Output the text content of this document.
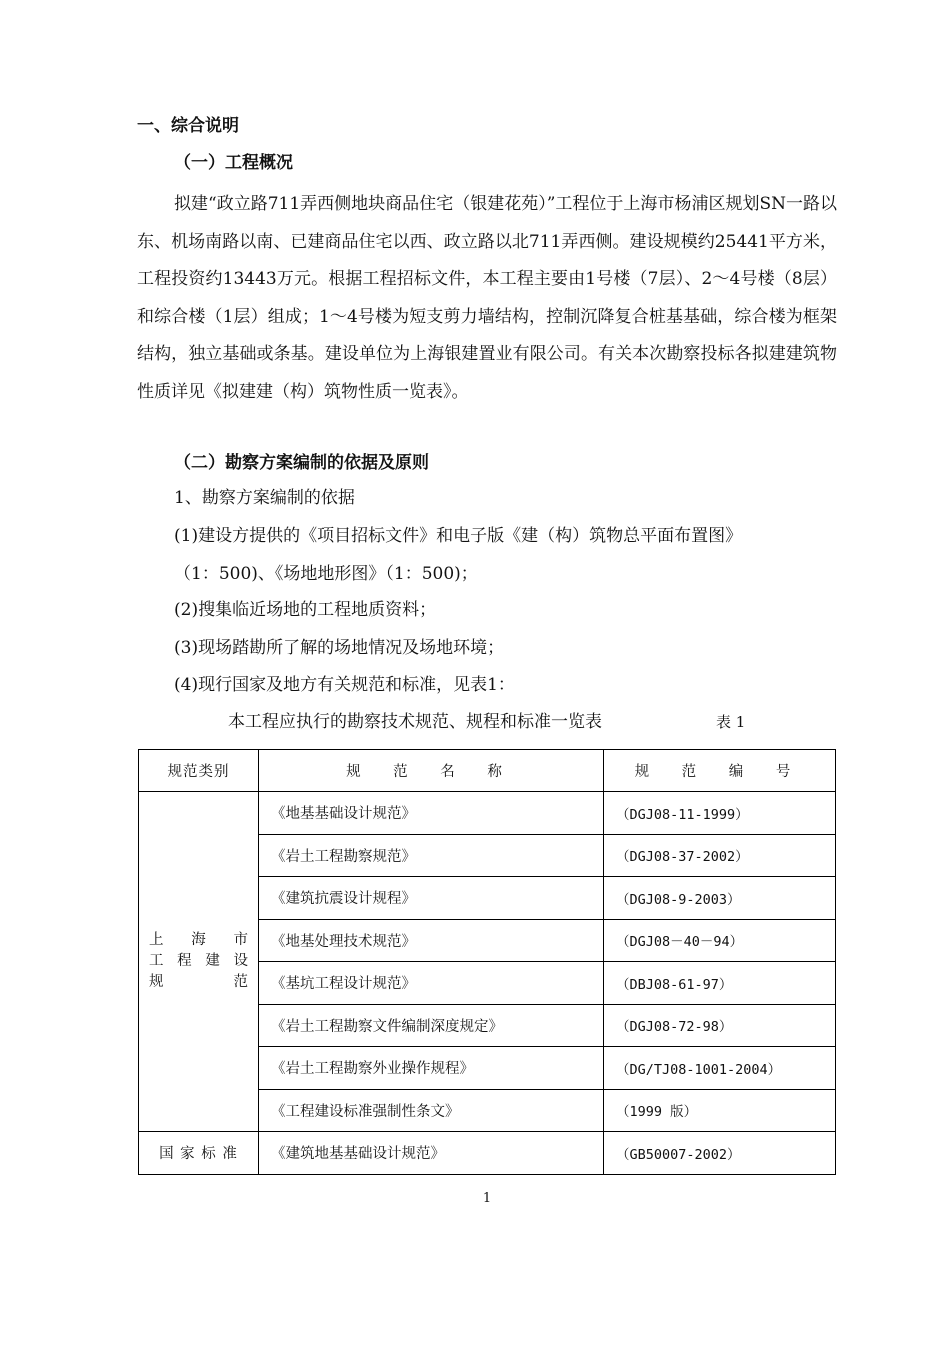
一、综合说明
（一）工程概况

拟建“政立路711弄西侧地块商品住宅（银建花苑）”工程位于上海市杨浦区规划SN一路以东、机场南路以南、已建商品住宅以西、政立路以北711弄西侧。建设规模约25441平方米，工程投资约13443万元。根据工程招标文件，本工程主要由1号楼（7层）、2～4号楼（8层）和综合楼（1层）组成；1～4号楼为短支剪力墙结构，控制沉降复合桩基基础，综合楼为框架结构，独立基础或条基。建设单位为上海银建置业有限公司。有关本次勘察投标各拟建建筑物性质详见《拟建建（构）筑物性质一览表》。

（二）勘察方案编制的依据及原则
1、勘察方案编制的依据
(1)建设方提供的《项目招标文件》和电子版《建（构）筑物总平面布置图》
（1：500)、《场地地形图》（1：500)；
(2)搜集临近场地的工程地质资料；
(3)现场踏勘所了解的场地情况及场地环境；
(4)现行国家及地方有关规范和标准，见表1：
本工程应执行的勘察技术规范、规程和标准一览表	表 1
规范类别	规 范 名 称	规 范 编 号

上 海 市
工程建设
规 范	《地基基础设计规范》	（DGJ08-11-1999）
	《岩土工程勘察规范》	（DGJ08-37-2002）
	《建筑抗震设计规程》	（DGJ08-9-2003）
	《地基处理技术规范》	（DGJ08－40－94）
	《基坑工程设计规范》	（DBJ08-61-97）
	《岩土工程勘察文件编制深度规定》	（DGJ08-72-98）
	《岩土工程勘察外业操作规程》	（DG/TJ08-1001-2004）
	《工程建设标准强制性条文》	（1999 版）
国 家 标 准	《建筑地基基础设计规范》	（GB50007-2002）
1
